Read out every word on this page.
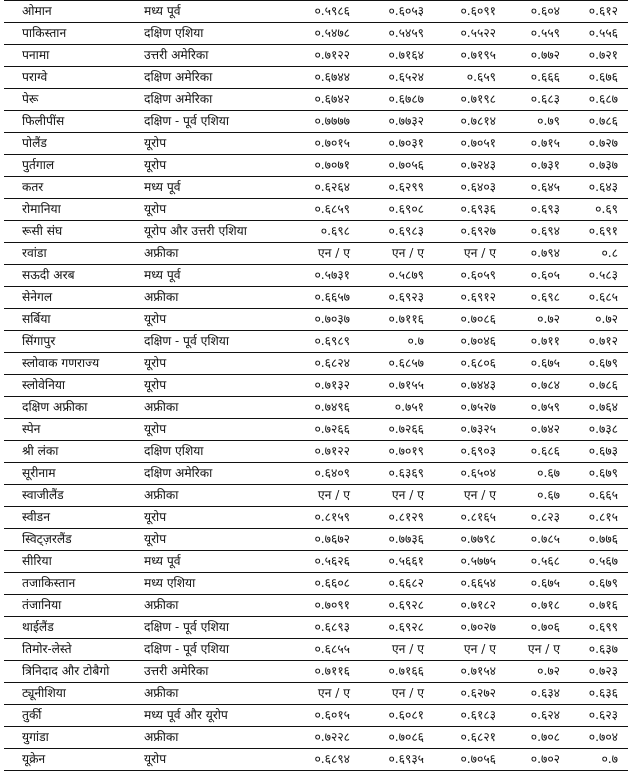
ओमान	मध्य पूर्व	०.५९८६	०.६०५३	०.६०९१	०.६०४	०.६१२
पाकिस्तान	दक्षिण एशिया	०.५४७८	०.५४५९	०.५५२२	०.५५९	०.५५६
पनामा	उत्तरी अमेरिका	०.७१२२	०.७१६४	०.७१९५	०.७७२	०.७२१
पराग्वे	दक्षिण अमेरिका	०.६७४४	०.६५२४	०.६५९	०.६६६	०.६७६
पेरू	दक्षिण अमेरिका	०.६७४२	०.६७८७	०.७१९८	०.६८३	०.६८७
फिलीपींस	दक्षिण - पूर्व एशिया	०.७७७७	०.७७३२	०.७८१४	०.७९	०.७८६
पोलैंड	यूरोप	०.७०१५	०.७०३१	०.७०५१	०.७१५	०.७२७
पुर्तगाल	यूरोप	०.७०७१	०.७०५६	०.७२४३	०.७३१	०.७३७
कतर	मध्य पूर्व	०.६२६४	०.६२९९	०.६४०३	०.६४५	०.६४३
रोमानिया	यूरोप	०.६८५९	०.६९०८	०.६९३६	०.६९३	०.६९
रूसी संघ	यूरोप और उत्तरी एशिया	०.६९८	०.६९८३	०.६९२७	०.६९४	०.६९१
रवांडा	अफ्रीका	एन / ए	एन / ए	एन / ए	०.७९४	०.८
सऊदी अरब	मध्य पूर्व	०.५७३१	०.५८७९	०.६०५९	०.६०५	०.५८३
सेनेगल	अफ्रीका	०.६६५७	०.६९२३	०.६९१२	०.६९८	०.६८५
सर्बिया	यूरोप	०.७०३७	०.७११६	०.७०८६	०.७२	०.७२
सिंगापुर	दक्षिण - पूर्व एशिया	०.६९८९	०.७	०.७०४६	०.७११	०.७१२
स्लोवाक गणराज्य	यूरोप	०.६८२४	०.६८५७	०.६८०६	०.६७५	०.६७९
स्लोवेनिया	यूरोप	०.७१३२	०.७१५५	०.७४४३	०.७८४	०.७८६
दक्षिण अफ्रीका	अफ्रीका	०.७४९६	०.७५१	०.७५२७	०.७५९	०.७६४
स्पेन	यूरोप	०.७२६६	०.७२६६	०.७३२५	०.७४२	०.७३८
श्री लंका	दक्षिण एशिया	०.७१२२	०.७०१९	०.६९०३	०.६८६	०.६७३
सूरीनाम	दक्षिण अमेरिका	०.६४०९	०.६३६९	०.६५०४	०.६७	०.६७९
स्वाजीलैंड	अफ्रीका	एन / ए	एन / ए	एन / ए	०.६७	०.६६५
स्वीडन	यूरोप	०.८१५९	०.८१२९	०.८१६५	०.८२३	०.८१५
स्विट्ज़रलैंड	यूरोप	०.७६७२	०.७७३६	०.७७९८	०.७८५	०.७७६
सीरिया	मध्य पूर्व	०.५६२६	०.५६६१	०.५७७५	०.५६८	०.५६७
तजाकिस्तान	मध्य एशिया	०.६६०८	०.६६८२	०.६६५४	०.६७५	०.६७९
तंजानिया	अफ्रीका	०.७०९१	०.६९२८	०.७१८२	०.७१८	०.७१६
थाईलैंड	दक्षिण - पूर्व एशिया	०.६८९३	०.६९२८	०.७०२७	०.७०६	०.६९९
तिमोर-लेस्ते	दक्षिण - पूर्व एशिया	०.६८५५	एन / ए	एन / ए	एन / ए	०.६३७
त्रिनिदाद और टोबैगो	उत्तरी अमेरिका	०.७११६	०.७१६६	०.७१५४	०.७२	०.७२३
ट्यूनीशिया	अफ्रीका	एन / ए	एन / ए	०.६२७२	०.६३४	०.६३६
तुर्की	मध्य पूर्व और यूरोप	०.६०१५	०.६०८१	०.६१८३	०.६२४	०.६२३
युगांडा	अफ्रीका	०.७२२८	०.७०८६	०.६८२१	०.७०८	०.७०४
यूक्रेन	यूरोप	०.६८९४	०.६९३५	०.७०५६	०.७०२	०.७
